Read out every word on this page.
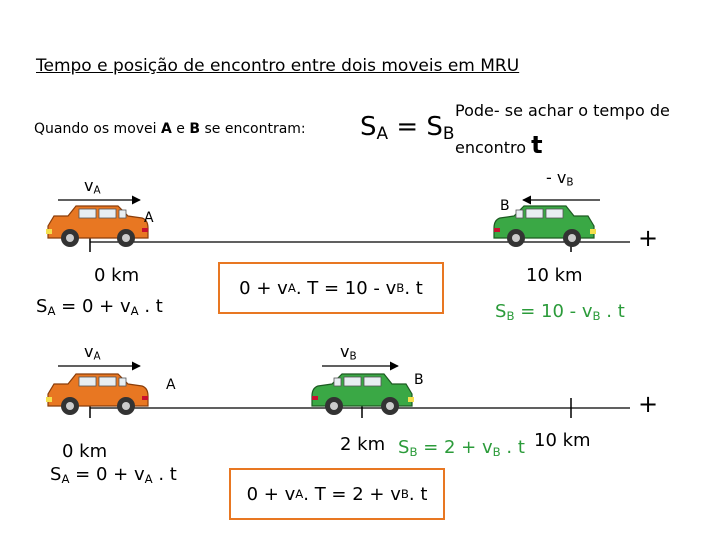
Tempo e posição de encontro entre dois moveis em MRU
Quando os movei A e B se encontram: $S_A = S_B$
Pode- se achar o tempo de
encontro t
$v_A$
- $v_B$
A
B
+
0 km	10 km
$S_A = 0 + v_A$ . t	$S_B = 10 - v_B$ . t
0 + v A . T = 10 - v B . t
$v_A$	$v_B$
A	B
+
0 km	2 km	10 km
$S_A = 0 + v_A$ . t
$S_B = 2 + v_B$ . t
0 + v A . T = 2 + v B . t
